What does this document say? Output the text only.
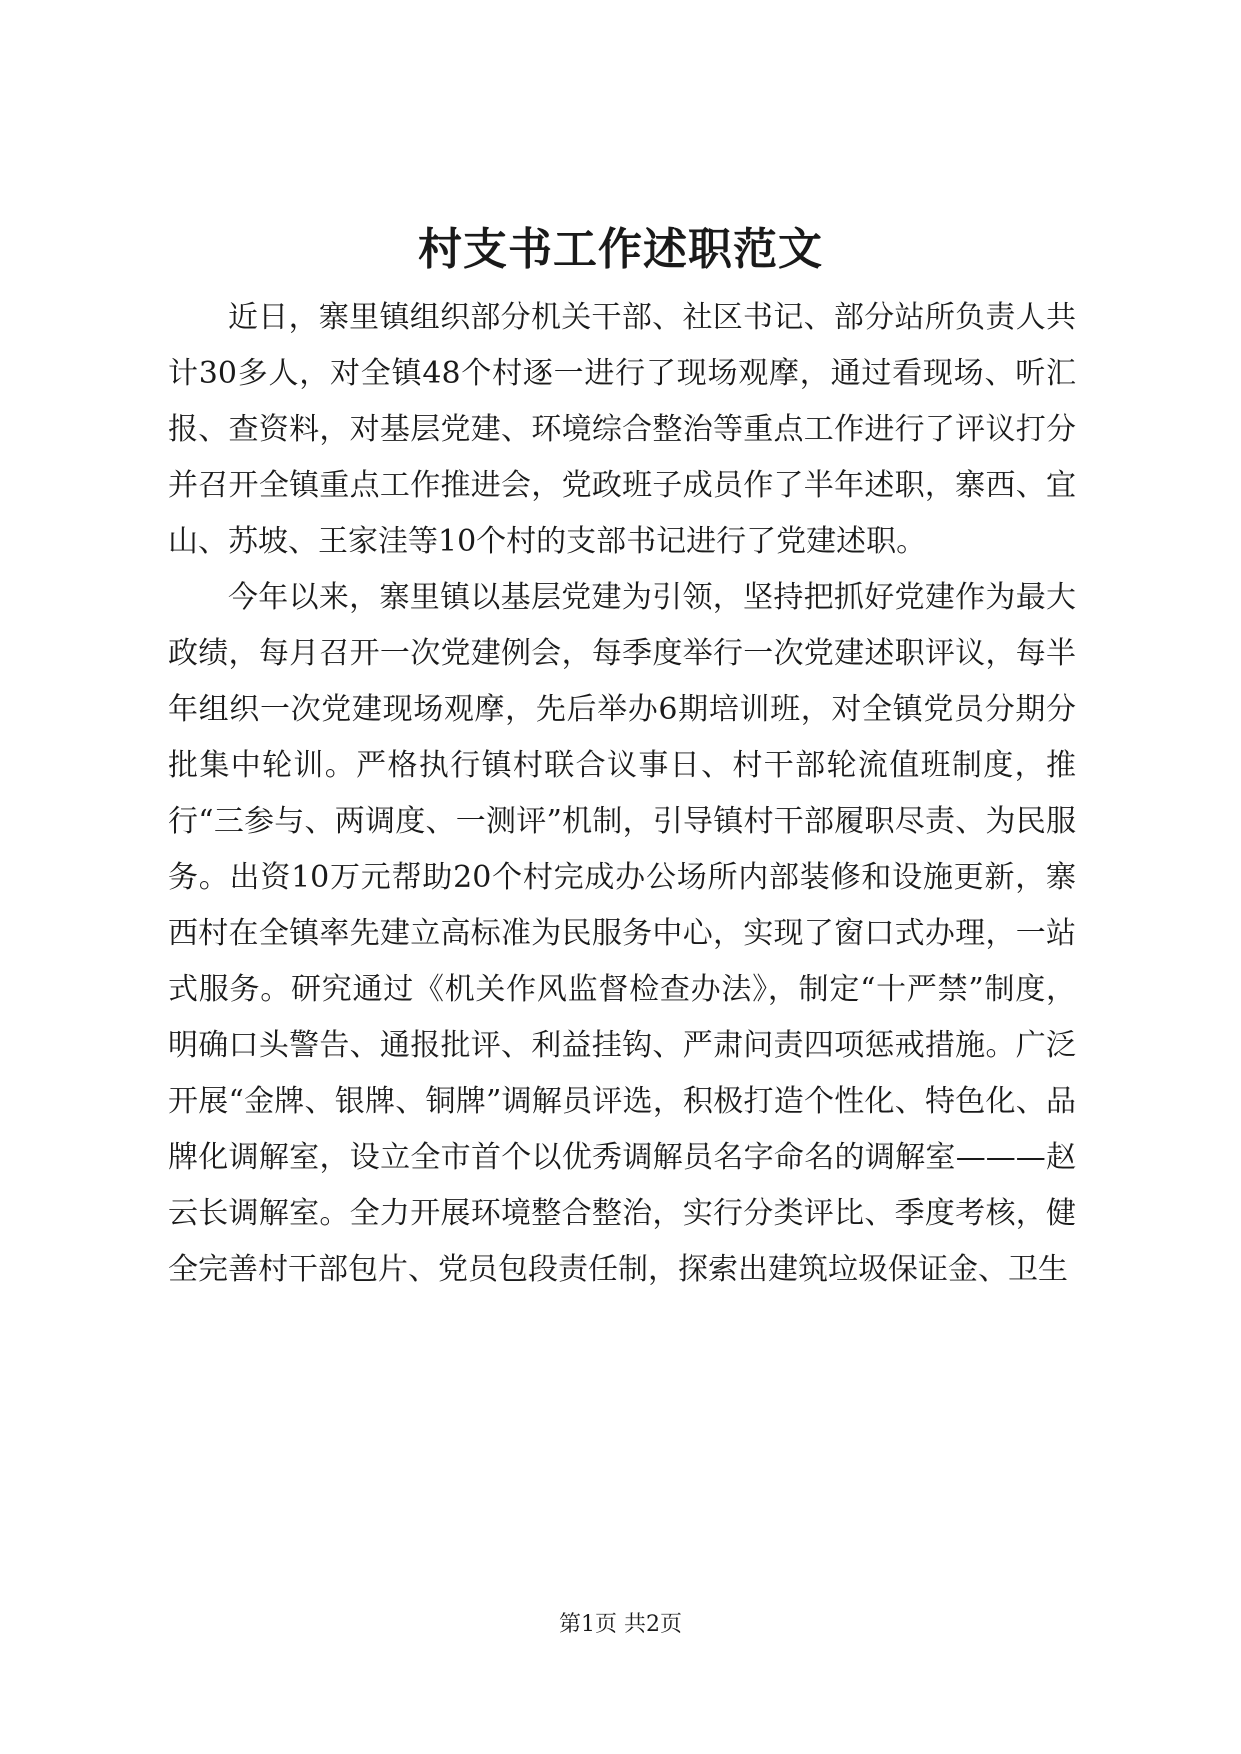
村支书工作述职范文

近日，寨里镇组织部分机关干部、社区书记、部分站所负责人共计30多人，对全镇48个村逐一进行了现场观摩，通过看现场、听汇报、查资料，对基层党建、环境综合整治等重点工作进行了评议打分并召开全镇重点工作推进会，党政班子成员作了半年述职，寨西、宜山、苏坡、王家洼等10个村的支部书记进行了党建述职。

今年以来，寨里镇以基层党建为引领，坚持把抓好党建作为最大政绩，每月召开一次党建例会，每季度举行一次党建述职评议，每半年组织一次党建现场观摩，先后举办6期培训班，对全镇党员分期分批集中轮训。严格执行镇村联合议事日、村干部轮流值班制度，推行“三参与、两调度、一测评”机制，引导镇村干部履职尽责、为民服务。出资10万元帮助20个村完成办公场所内部装修和设施更新，寨西村在全镇率先建立高标准为民服务中心，实现了窗口式办理，一站式服务。研究通过《机关作风监督检查办法》，制定“十严禁”制度，明确口头警告、通报批评、利益挂钩、严肃问责四项惩戒措施。广泛开展“金牌、银牌、铜牌”调解员评选，积极打造个性化、特色化、品牌化调解室，设立全市首个以优秀调解员名字命名的调解室———赵云长调解室。全力开展环境整合整治，实行分类评比、季度考核，健全完善村干部包片、党员包段责任制，探索出建筑垃圾保证金、卫生

第1页 共2页
